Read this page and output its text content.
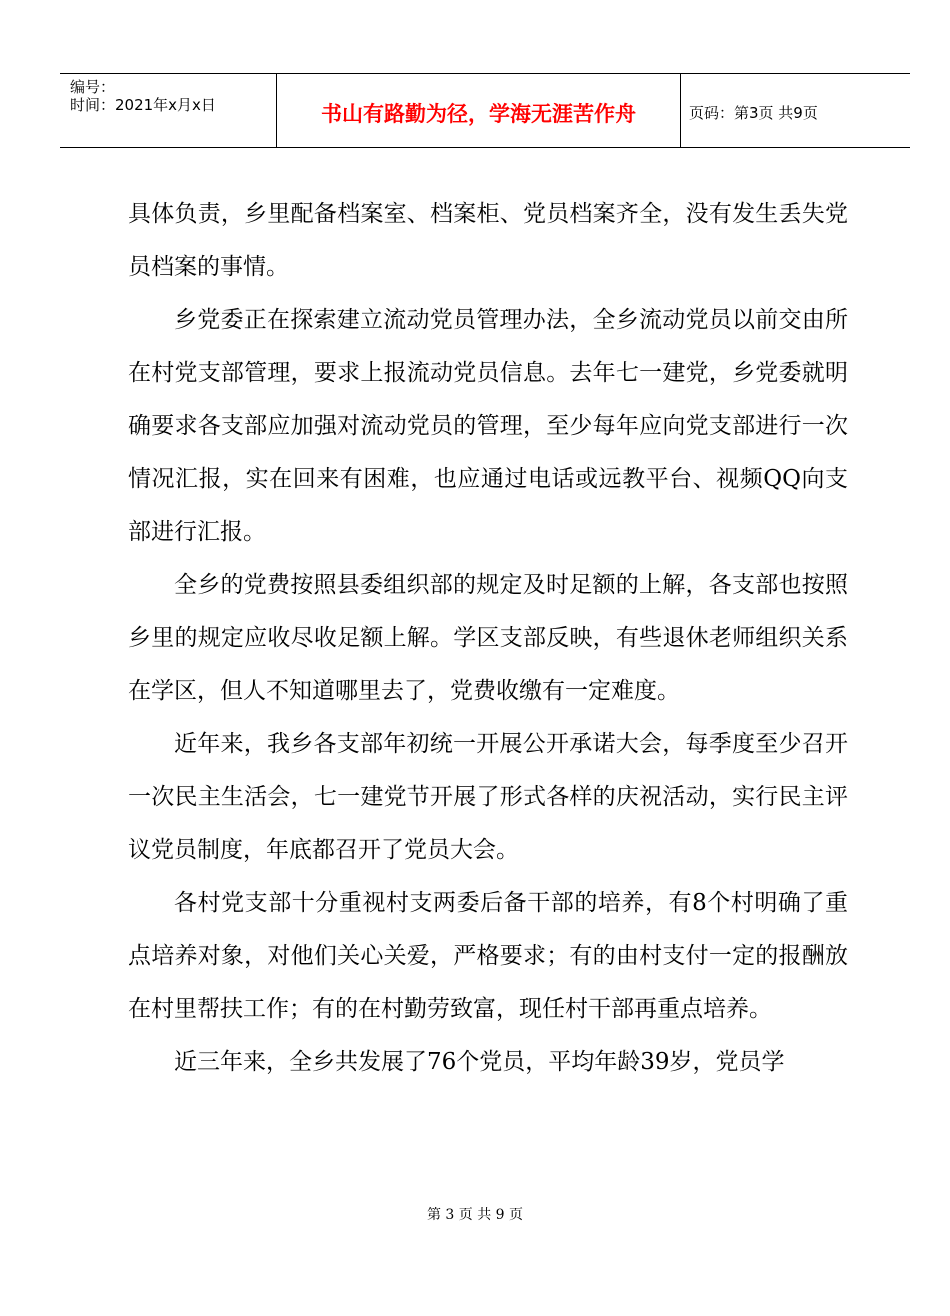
编号：
时间：2021年x月x日	书山有路勤为径，学海无涯苦作舟	页码：第3页 共9页

具体负责，乡里配备档案室、档案柜、党员档案齐全，没有发生丢失党员档案的事情。

乡党委正在探索建立流动党员管理办法，全乡流动党员以前交由所在村党支部管理，要求上报流动党员信息。去年七一建党，乡党委就明确要求各支部应加强对流动党员的管理，至少每年应向党支部进行一次情况汇报，实在回来有困难，也应通过电话或远教平台、视频QQ向支部进行汇报。

全乡的党费按照县委组织部的规定及时足额的上解，各支部也按照乡里的规定应收尽收足额上解。学区支部反映，有些退休老师组织关系在学区，但人不知道哪里去了，党费收缴有一定难度。

近年来，我乡各支部年初统一开展公开承诺大会，每季度至少召开一次民主生活会，七一建党节开展了形式各样的庆祝活动，实行民主评议党员制度，年底都召开了党员大会。

各村党支部十分重视村支两委后备干部的培养，有8个村明确了重点培养对象，对他们关心关爱，严格要求；有的由村支付一定的报酬放在村里帮扶工作；有的在村勤劳致富，现任村干部再重点培养。

近三年来，全乡共发展了76个党员，平均年龄39岁，党员学

第 3 页 共 9 页
